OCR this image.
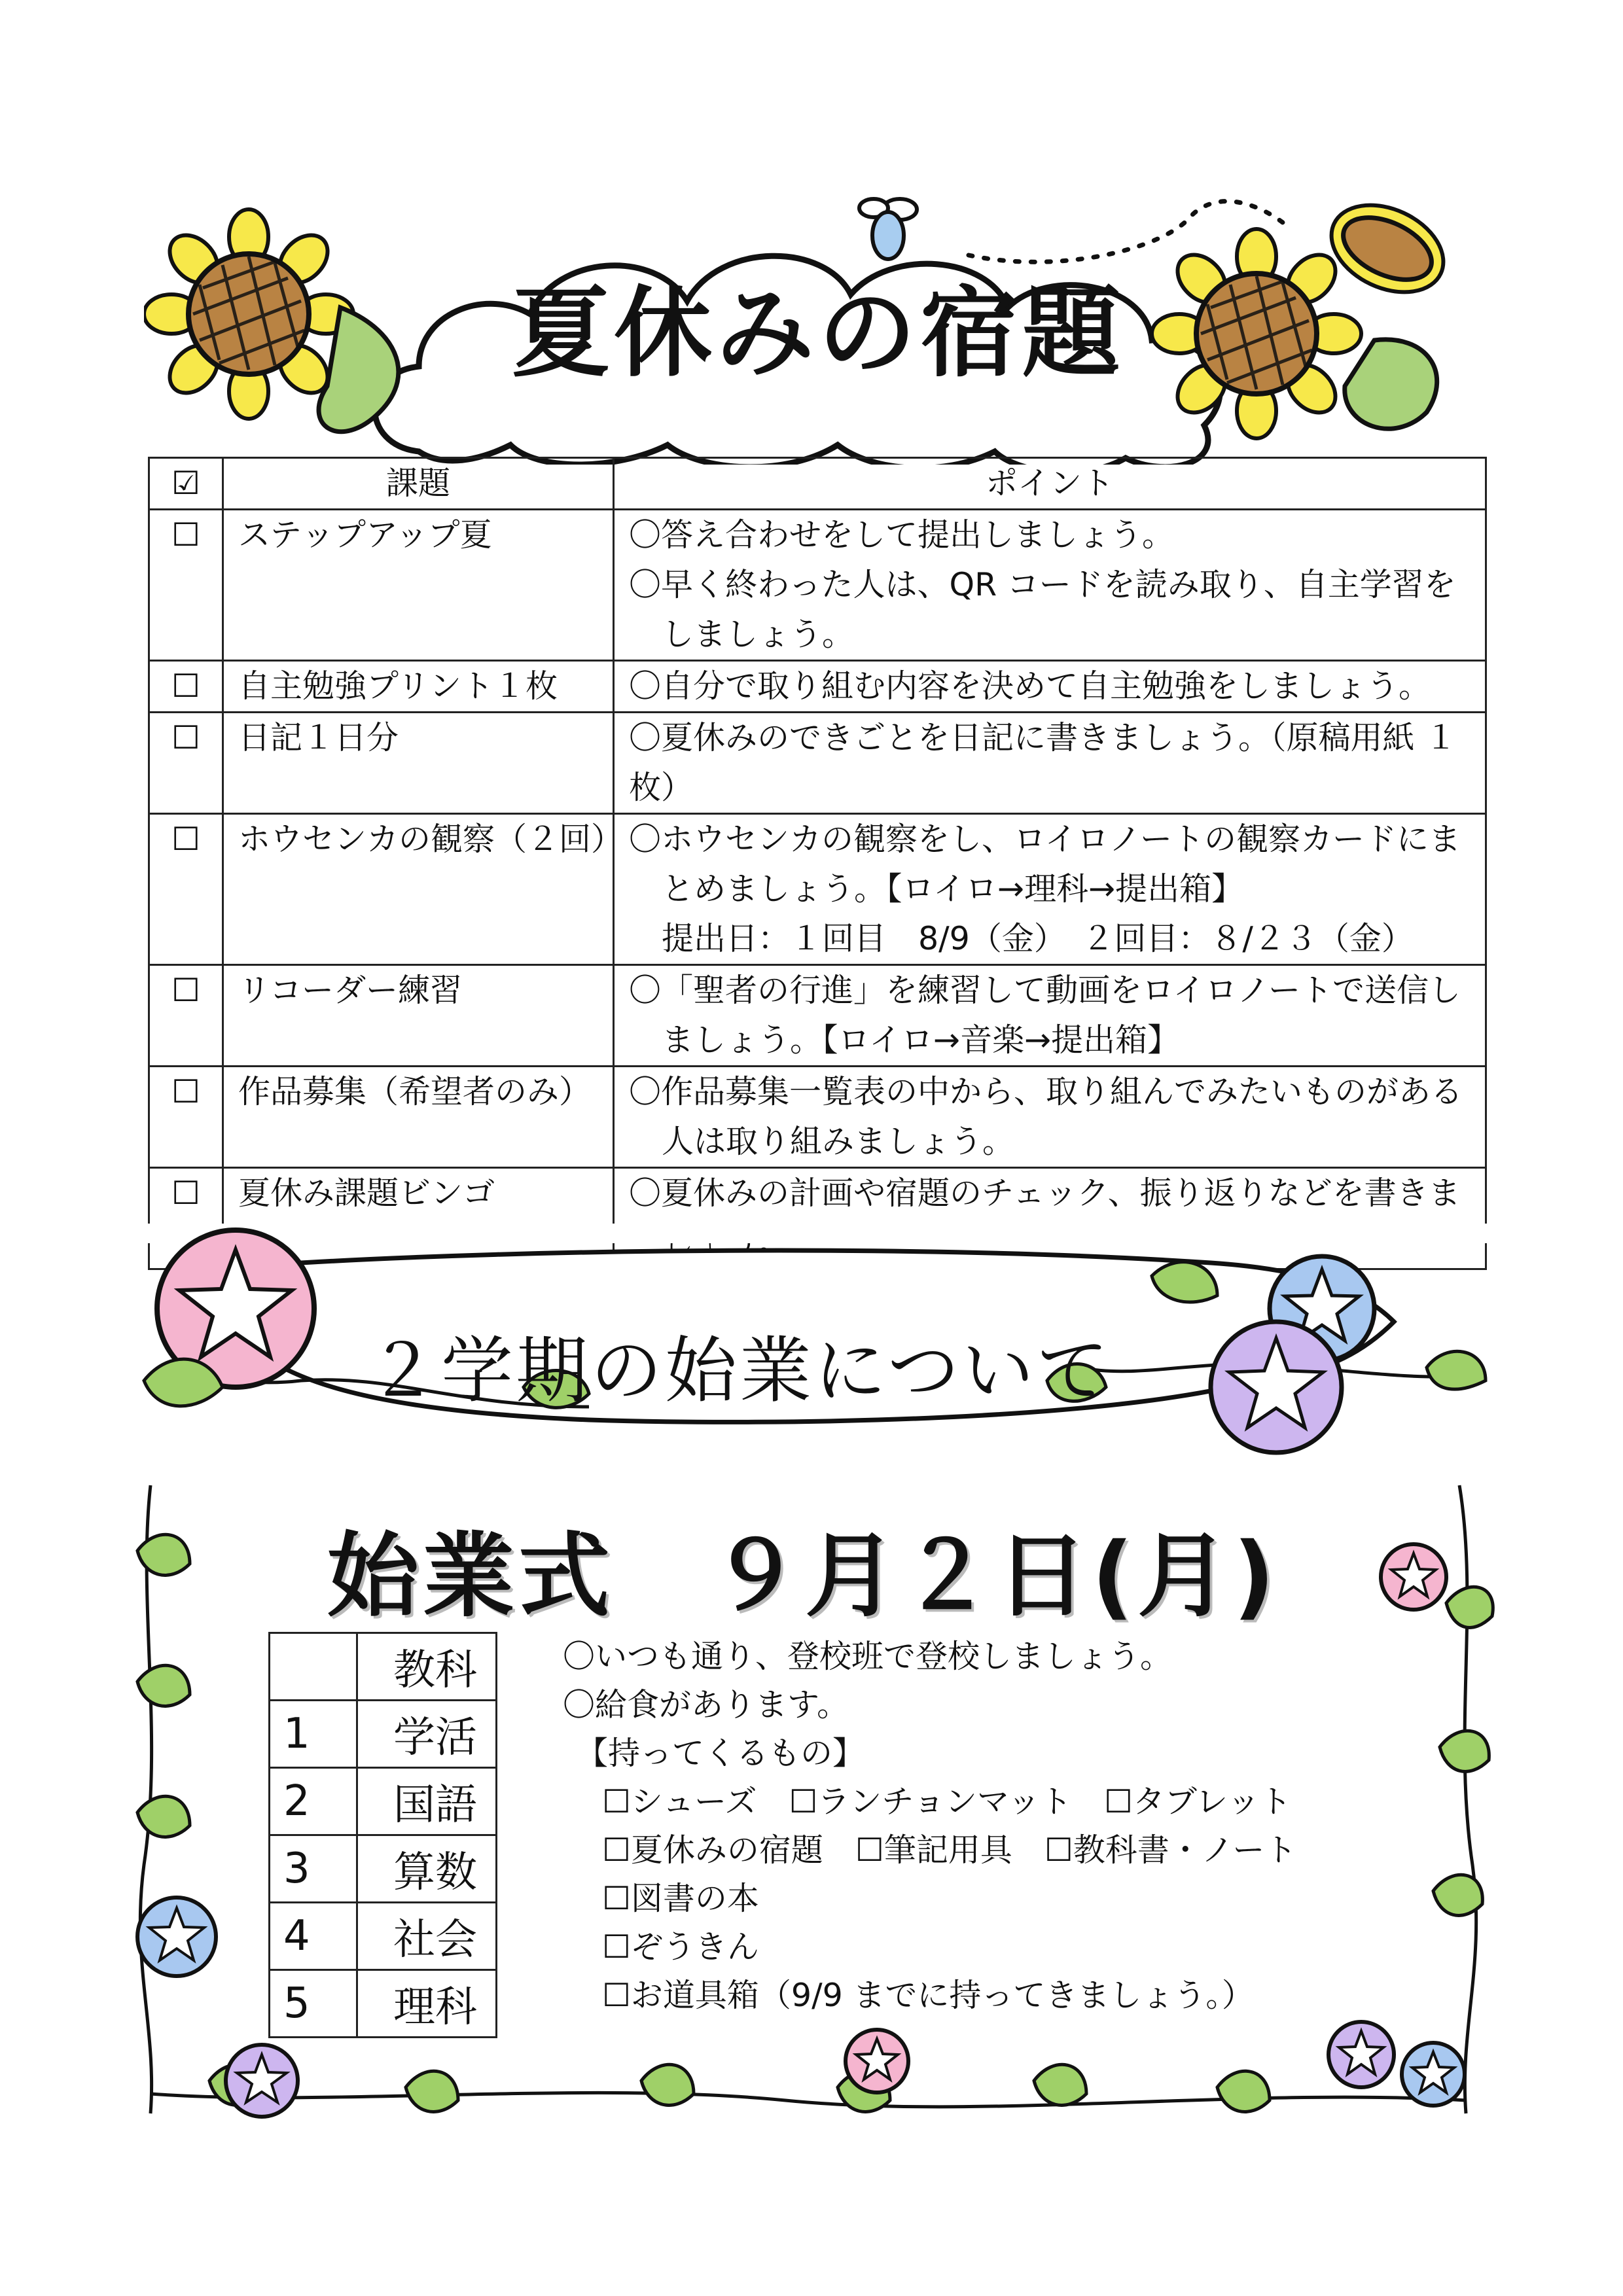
夏休みの宿題
☑	課題	ポイント
☐	ステップアップ夏	〇答え合わせをして提出しましょう。
〇早く終わった人は、QR コードを読み取り、自主学習を
しましょう。

☐	自主勉強プリント１枚	〇自分で取り組む内容を決めて自主勉強をしましょう。

☐	日記１日分	〇夏休みのできごとを日記に書きましょう。（原稿用紙 １
枚）

☐	ホウセンカの観察（２回）	〇ホウセンカの観察をし、ロイロノートの観察カードにま
とめましょう。【ロイロ→理科→提出箱】
提出日：１回目　8/9（金）　２回目：８/２３（金）

☐	リコーダー練習	〇「聖者の行進」を練習して動画をロイロノートで送信し
ましょう。【ロイロ→音楽→提出箱】

☐	作品募集（希望者のみ）	〇作品募集一覧表の中から、取り組んでみたいものがある
人は取り組みましょう。

☐	夏休み課題ビンゴ	〇夏休みの計画や宿題のチェック、振り返りなどを書きま
２学期の始業について
始業式　９月２日(月)
	教科
1	学活
2	国語
3	算数
4	社会
5	理科
〇いつも通り、登校班で登校しましょう。
〇給食があります。
【持ってくるもの】
☐シューズ　☐ランチョンマット　☐タブレット
☐夏休みの宿題　☐筆記用具　☐教科書・ノート
☐図書の本
☐ぞうきん
☐お道具箱（9/9 までに持ってきましょう。）
